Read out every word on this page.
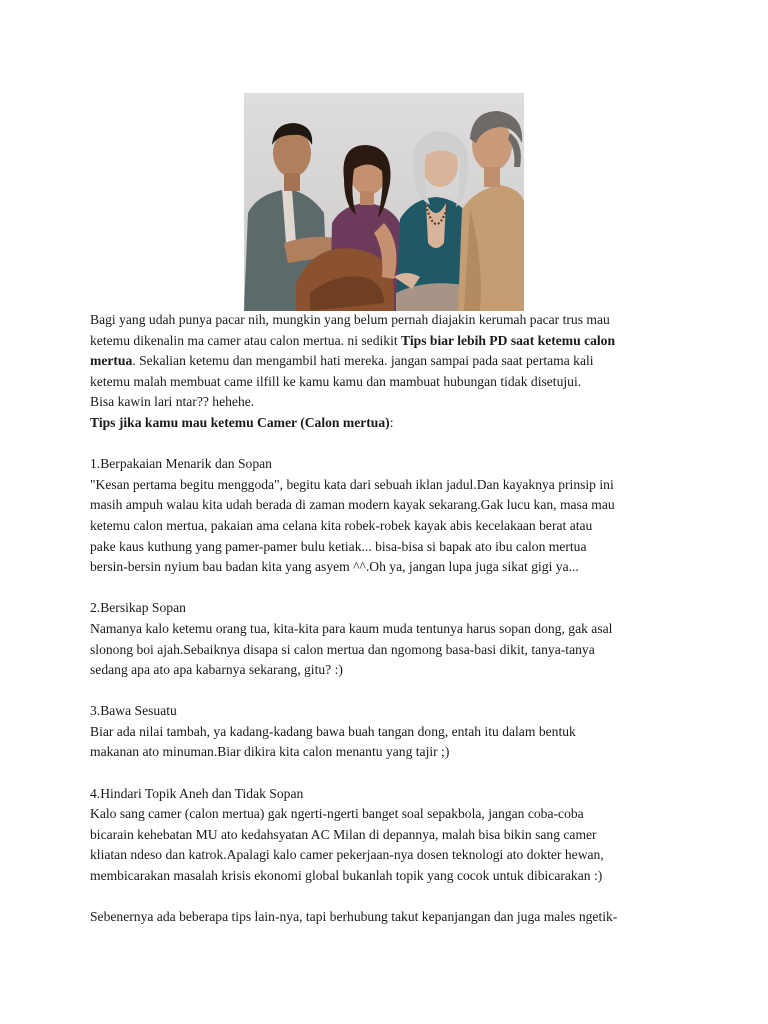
Bagi yang udah punya pacar nih, mungkin yang belum pernah diajakin kerumah pacar trus mau

ketemu dikenalin ma camer atau calon mertua. ni sedikit Tips biar lebih PD saat ketemu calon

mertua. Sekalian ketemu dan mengambil hati mereka. jangan sampai pada saat pertama kali

ketemu malah membuat came ilfill ke kamu kamu dan mambuat hubungan tidak disetujui.

Bisa kawin lari ntar?? hehehe.

Tips jika kamu mau ketemu Camer (Calon mertua):

1.Berpakaian Menarik dan Sopan

"Kesan pertama begitu menggoda", begitu kata dari sebuah iklan jadul.Dan kayaknya prinsip ini

masih ampuh walau kita udah berada di zaman modern kayak sekarang.Gak lucu kan, masa mau

ketemu calon mertua, pakaian ama celana kita robek-robek kayak abis kecelakaan berat atau

pake kaus kuthung yang pamer-pamer bulu ketiak... bisa-bisa si bapak ato ibu calon mertua

bersin-bersin nyium bau badan kita yang asyem ^^.Oh ya, jangan lupa juga sikat gigi ya...

2.Bersikap Sopan

Namanya kalo ketemu orang tua, kita-kita para kaum muda tentunya harus sopan dong, gak asal

slonong boi ajah.Sebaiknya disapa si calon mertua dan ngomong basa-basi dikit, tanya-tanya

sedang apa ato apa kabarnya sekarang, gitu? :)

3.Bawa Sesuatu

Biar ada nilai tambah, ya kadang-kadang bawa buah tangan dong, entah itu dalam bentuk

makanan ato minuman.Biar dikira kita calon menantu yang tajir ;)

4.Hindari Topik Aneh dan Tidak Sopan

Kalo sang camer (calon mertua) gak ngerti-ngerti banget soal sepakbola, jangan coba-coba

bicarain kehebatan MU ato kedahsyatan AC Milan di depannya, malah bisa bikin sang camer

kliatan ndeso dan katrok.Apalagi kalo camer pekerjaan-nya dosen teknologi ato dokter hewan,

membicarakan masalah krisis ekonomi global bukanlah topik yang cocok untuk dibicarakan :)

Sebenernya ada beberapa tips lain-nya, tapi berhubung takut kepanjangan dan juga males ngetik-
